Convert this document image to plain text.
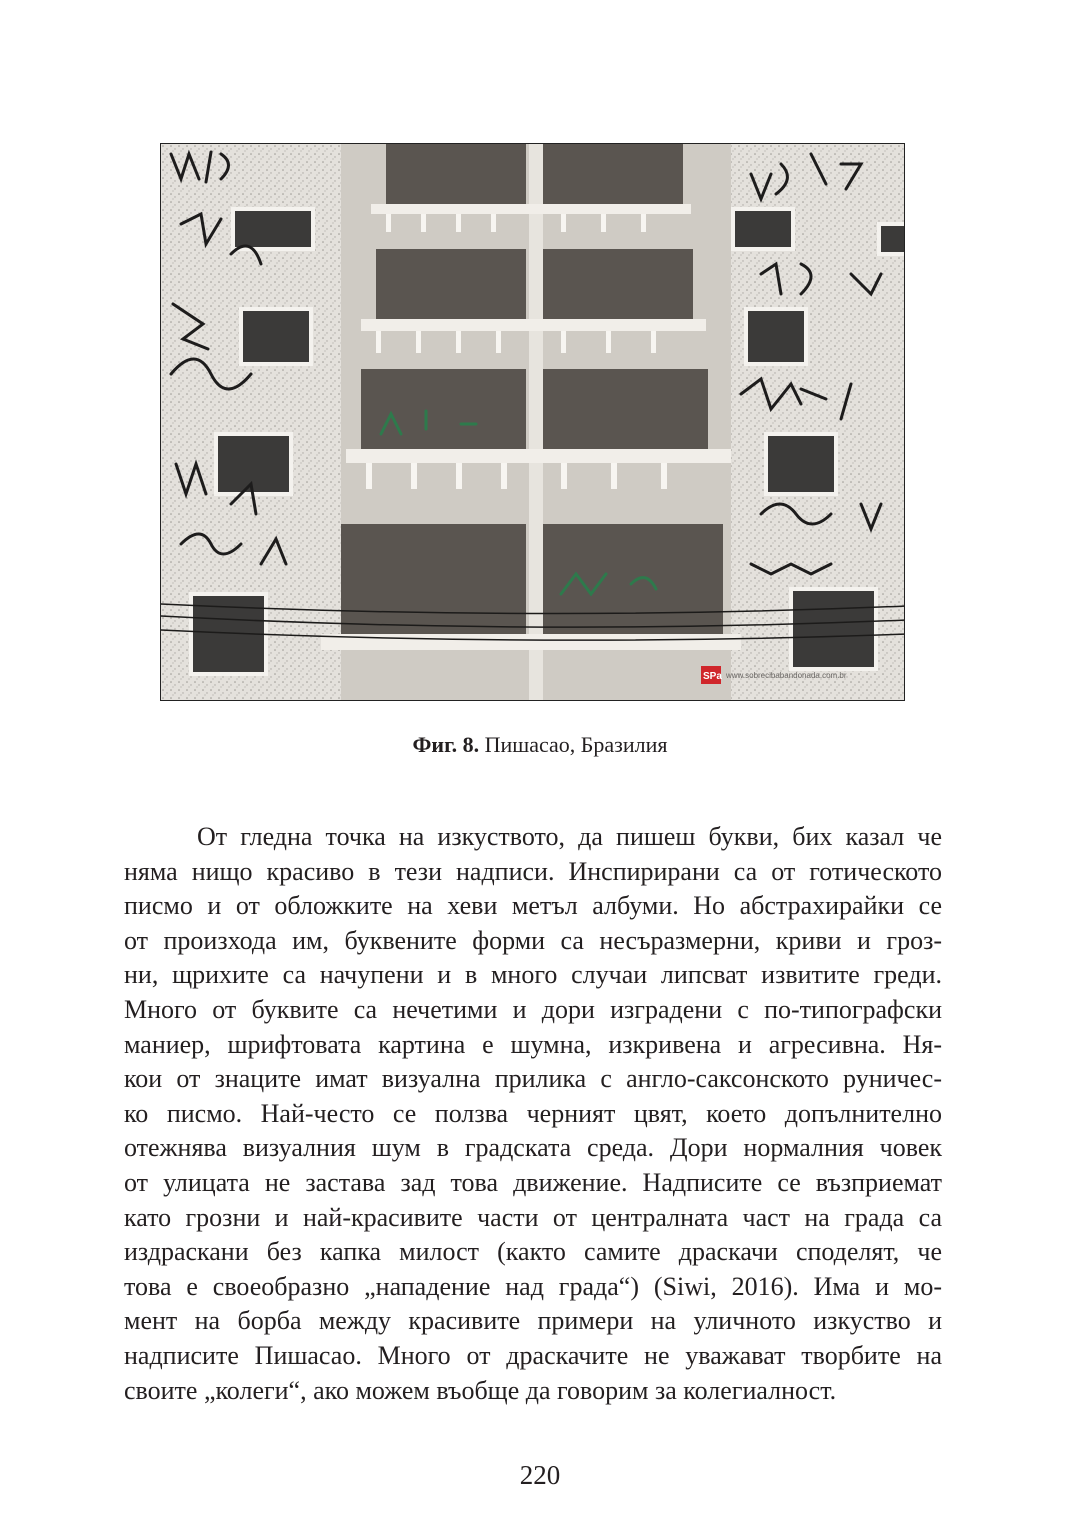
SPa www.sobrecibabandonada.com.br
Фиг. 8. Пишасао, Бразилия
От гледна точка на изкуството, да пишеш букви, бих казал че
няма нищо красиво в тези надписи. Инспирирани са от готическото
писмо и от обложките на хеви метъл албуми. Но абстрахирайки се
от произхода им, буквените форми са несъразмерни, криви и гроз-
ни, щрихите са начупени и в много случаи липсват извитите греди.
Много от буквите са нечетими и дори изградени с по-типографски
маниер, шрифтовата картина е шумна, изкривена и агресивна. Ня-
кои от знаците имат визуална прилика с англо-саксонското руничес-
ко писмо. Най-често се ползва черният цвят, което допълнително
отежнява визуалния шум в градската среда. Дори нормалния човек
от улицата не застава зад това движение. Надписите се възприемат
като грозни и най-красивите части от централната част на града са
издраскани без капка милост (както самите драскачи споделят, че
това е своеобразно „нападение над града“) (Siwi, 2016). Има и мо-
мент на борба между красивите примери на уличното изкуство и
надписите Пишасао. Много от драскачите не уважават творбите на
своите „колеги“, ако можем въобще да говорим за колегиалност.
220
